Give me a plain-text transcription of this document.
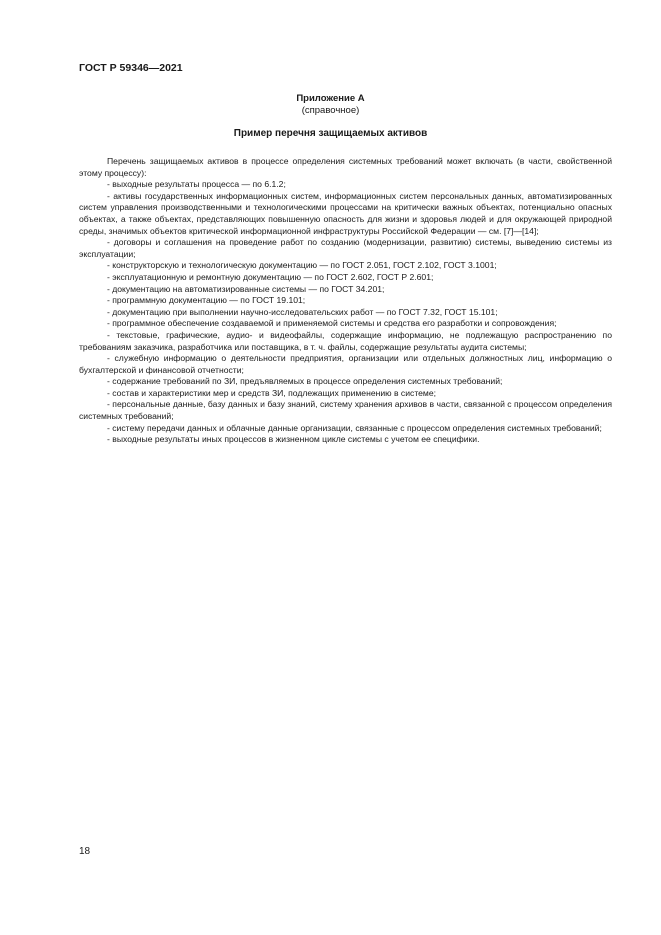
ГОСТ Р 59346—2021
Приложение А
(справочное)
Пример перечня защищаемых активов

Перечень защищаемых активов в процессе определения системных требований может включать (в части, свойственной этому процессу):

- выходные результаты процесса — по 6.1.2;

- активы государственных информационных систем, информационных систем персональных данных, автоматизированных систем управления производственными и технологическими процессами на критически важных объектах, потенциально опасных объектах, а также объектах, представляющих повышенную опасность для жизни и здоровья людей и для окружающей природной среды, значимых объектов критической информационной инфраструктуры Российской Федерации — см. [7]—[14];

- договоры и соглашения на проведение работ по созданию (модернизации, развитию) системы, выведению системы из эксплуатации;

- конструкторскую и технологическую документацию — по ГОСТ 2.051, ГОСТ 2.102, ГОСТ 3.1001;

- эксплуатационную и ремонтную документацию — по ГОСТ 2.602, ГОСТ Р 2.601;

- документацию на автоматизированные системы — по ГОСТ 34.201;

- программную документацию — по ГОСТ 19.101;

- документацию при выполнении научно-исследовательских работ — по ГОСТ 7.32, ГОСТ 15.101;

- программное обеспечение создаваемой и применяемой системы и средства его разработки и сопровождения;

- текстовые, графические, аудио- и видеофайлы, содержащие информацию, не подлежащую распространению по требованиям заказчика, разработчика или поставщика, в т. ч. файлы, содержащие результаты аудита системы;

- служебную информацию о деятельности предприятия, организации или отдельных должностных лиц, информацию о бухгалтерской и финансовой отчетности;

- содержание требований по ЗИ, предъявляемых в процессе определения системных требований;

- состав и характеристики мер и средств ЗИ, подлежащих применению в системе;

- персональные данные, базу данных и базу знаний, систему хранения архивов в части, связанной с процессом определения системных требований;

- систему передачи данных и облачные данные организации, связанные с процессом определения системных требований;

- выходные результаты иных процессов в жизненном цикле системы с учетом ее специфики.

18
